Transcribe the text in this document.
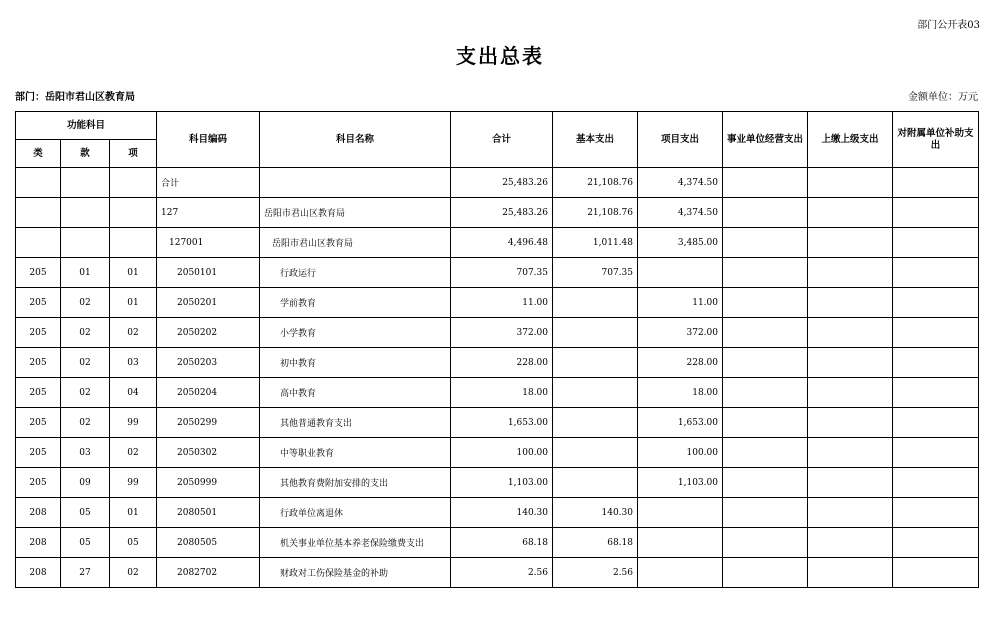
部门公开表03
支出总表
部门：岳阳市君山区教育局	金额单位：万元
功能科目			科目编码	科目名称	合计	基本支出	项目支出	事业单位经营支出	上缴上级支出	对附属单位补助支出
类	款	项								
			合计		25,483.26	21,108.76	4,374.50			
			127	岳阳市君山区教育局	25,483.26	21,108.76	4,374.50			
			127001	岳阳市君山区教育局	4,496.48	1,011.48	3,485.00			
205	01	01	2050101	行政运行	707.35	707.35				
205	02	01	2050201	学前教育	11.00		11.00			
205	02	02	2050202	小学教育	372.00		372.00			
205	02	03	2050203	初中教育	228.00		228.00			
205	02	04	2050204	高中教育	18.00		18.00			
205	02	99	2050299	其他普通教育支出	1,653.00		1,653.00			
205	03	02	2050302	中等职业教育	100.00		100.00			
205	09	99	2050999	其他教育费附加安排的支出	1,103.00		1,103.00			
208	05	01	2080501	行政单位离退休	140.30	140.30				
208	05	05	2080505	机关事业单位基本养老保险缴费支出	68.18	68.18				
208	27	02	2082702	财政对工伤保险基金的补助	2.56	2.56				
